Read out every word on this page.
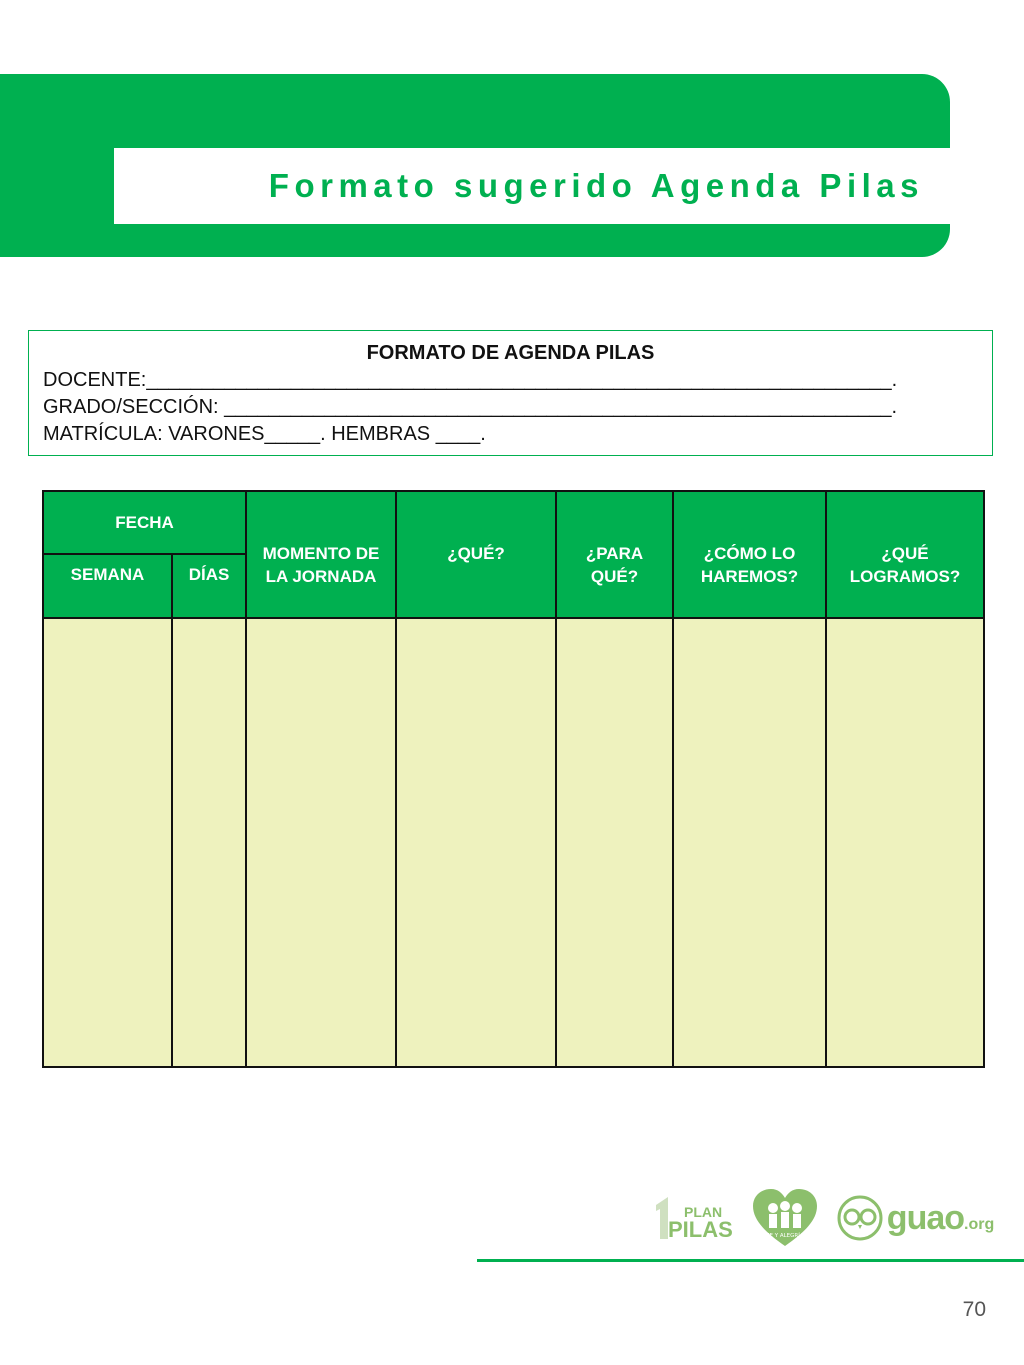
Formato sugerido Agenda Pilas
FORMATO DE AGENDA PILAS
DOCENTE:___________________________________________________________________.
GRADO/SECCIÓN: ____________________________________________________________.
MATRÍCULA: VARONES_____. HEMBRAS ____.
FECHA		MOMENTO DE LA JORNADA	¿QUÉ?	¿PARA QUÉ?	¿CÓMO LO HAREMOS?	¿QUÉ LOGRAMOS?
SEMANA	DÍAS					

PLAN
PILAS	FE Y ALEGRÍA guao.org
70
